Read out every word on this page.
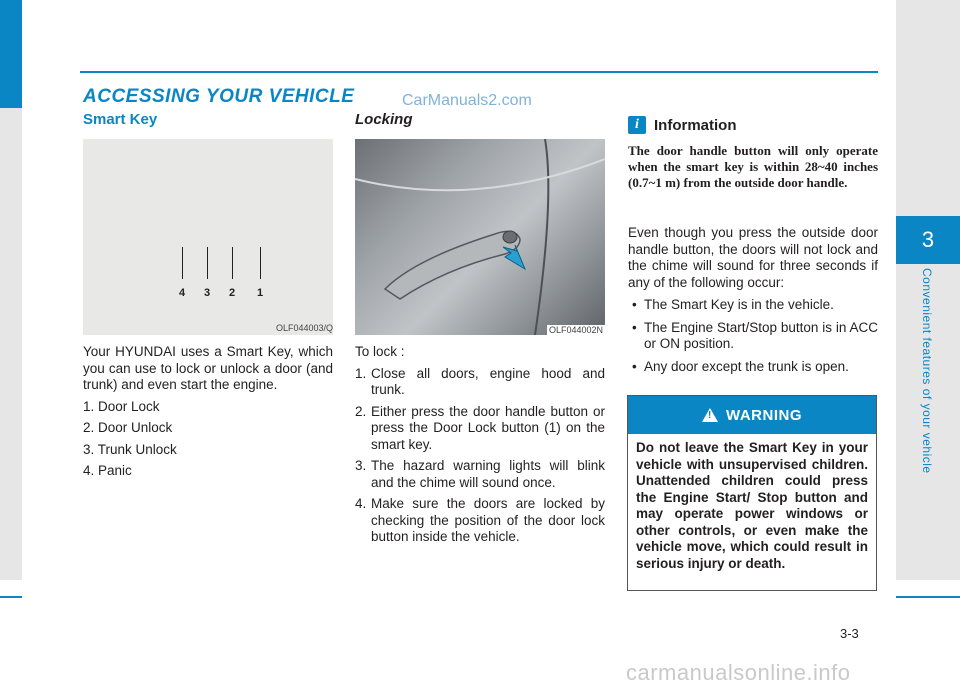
3
Convenient features of your vehicle
ACCESSING YOUR VEHICLE	CarManuals2.com
Smart Key
4 3 2 1
OLF044003/Q

Your HYUNDAI uses a Smart Key, which you can use to lock or unlock a door (and trunk) and even start the engine.

1. Door Lock
2. Door Unlock
3. Trunk Unlock
4. Panic
Locking
OLF044002N

To lock :

1. Close all doors, engine hood and trunk.
2. Either press the door handle button or press the Door Lock button (1) on the smart key.
3. The hazard warning lights will blink and the chime will sound once.
4. Make sure the doors are locked by checking the position of the door lock button inside the vehicle.
i	Information
The door handle button will only operate when the smart key is within 28~40 inches (0.7~1 m) from the outside door handle.

Even though you press the outside door handle button, the doors will not lock and the chime will sound for three seconds if any of the following occur:

• The Smart Key is in the vehicle.
• The Engine Start/Stop button is in ACC or ON position.
• Any door except the trunk is open.
! WARNING
Do not leave the Smart Key in your vehicle with unsupervised children. Unattended children could press the Engine Start/ Stop button and may operate power windows or other controls, or even make the vehicle move, which could result in serious injury or death.
3-3
carmanualsonline.info
